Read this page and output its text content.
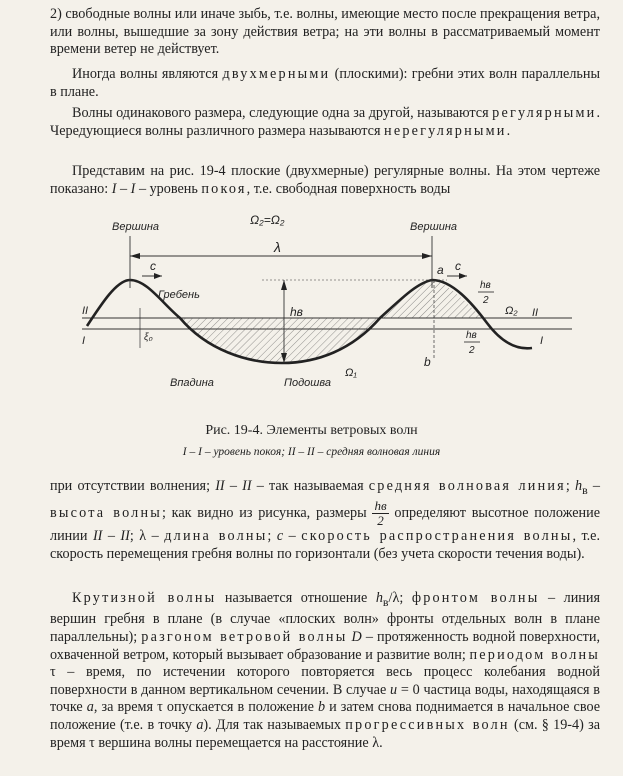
2) свободные волны или иначе зыбь, т.е. волны, имеющие место после прекращения ветра, или волны, вышедшие за зону действия ветра; на эти волны в рассматриваемый момент времени ветер не действует.

Иногда волны являются двухмерными (плоскими): гребни этих волн параллельны в плане.

Волны одинакового размера, следующие одна за другой, называются регулярными. Чередующиеся волны различного размера называются нерегулярными.

Представим на рис. 19-4 плоские (двухмерные) регулярные волны. На этом чертеже показано: I – I – уровень покоя, т.е. свободная поверхность воды

Ω₂=Ω₂
Вершина	Вершина
λ
c	c
a
b
Гребень
II
I
II
I
hв
hв
2
Ω₂
hв
2
Ω₁
ξ₀
Впадина	Подошва
Рис. 19-4. Элементы ветровых волн
I – I – уровень покоя; II – II – средняя волновая линия

при отсутствии волнения; II – II – так называемая средняя волновая линия; $h_в$ – высота волны; как видно из рисунка, размеры $\frac{hв}{2}$ определяют высотное положение линии II – II; λ – длина волны; c – скорость распространения волны, т.е. скорость перемещения гребня волны по горизонтали (без учета скорости течения воды).

Крутизной волны называется отношение $h_в/\lambda$; фронтом волны – линия вершин гребня в плане (в случае «плоских волн» фронты отдельных волн в плане параллельны); разгоном ветровой волны D – протяженность водной поверхности, охваченной ветром, который вызывает образование и развитие волн; периодом волны τ – время, по истечении которого повторяется весь процесс колебания водной поверхности в данном вертикальном сечении. В случае u = 0 частица воды, находящаяся в точке a, за время τ опускается в положение b и затем снова поднимается в начальное свое положение (т.е. в точку a). Для так называемых прогрессивных волн (см. § 19-4) за время τ вершина волны перемещается на расстояние λ.
